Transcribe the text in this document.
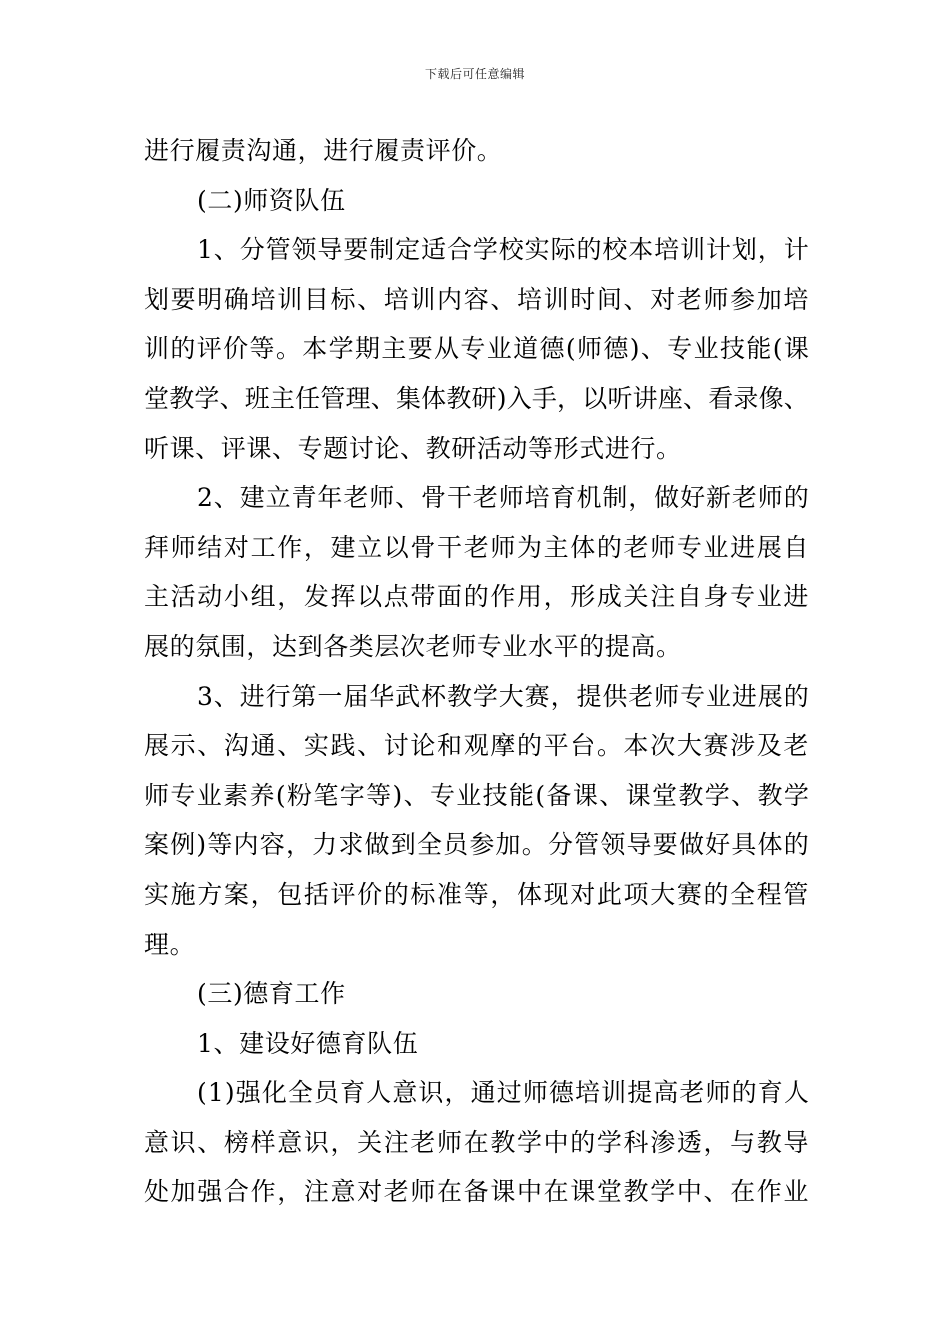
下载后可任意编辑
进行履责沟通，进行履责评价。
(二)师资队伍
1、分管领导要制定适合学校实际的校本培训计划，计
划要明确培训目标、培训内容、培训时间、对老师参加培
训的评价等。本学期主要从专业道德(师德)、专业技能(课
堂教学、班主任管理、集体教研)入手，以听讲座、看录像、
听课、评课、专题讨论、教研活动等形式进行。
2、建立青年老师、骨干老师培育机制，做好新老师的
拜师结对工作，建立以骨干老师为主体的老师专业进展自
主活动小组，发挥以点带面的作用，形成关注自身专业进
展的氛围，达到各类层次老师专业水平的提高。
3、进行第一届华武杯教学大赛，提供老师专业进展的
展示、沟通、实践、讨论和观摩的平台。本次大赛涉及老
师专业素养(粉笔字等)、专业技能(备课、课堂教学、教学
案例)等内容，力求做到全员参加。分管领导要做好具体的
实施方案，包括评价的标准等，体现对此项大赛的全程管
理。
(三)德育工作
1、建设好德育队伍
(1)强化全员育人意识，通过师德培训提高老师的育人
意识、榜样意识，关注老师在教学中的学科渗透，与教导
处加强合作，注意对老师在备课中在课堂教学中、在作业
